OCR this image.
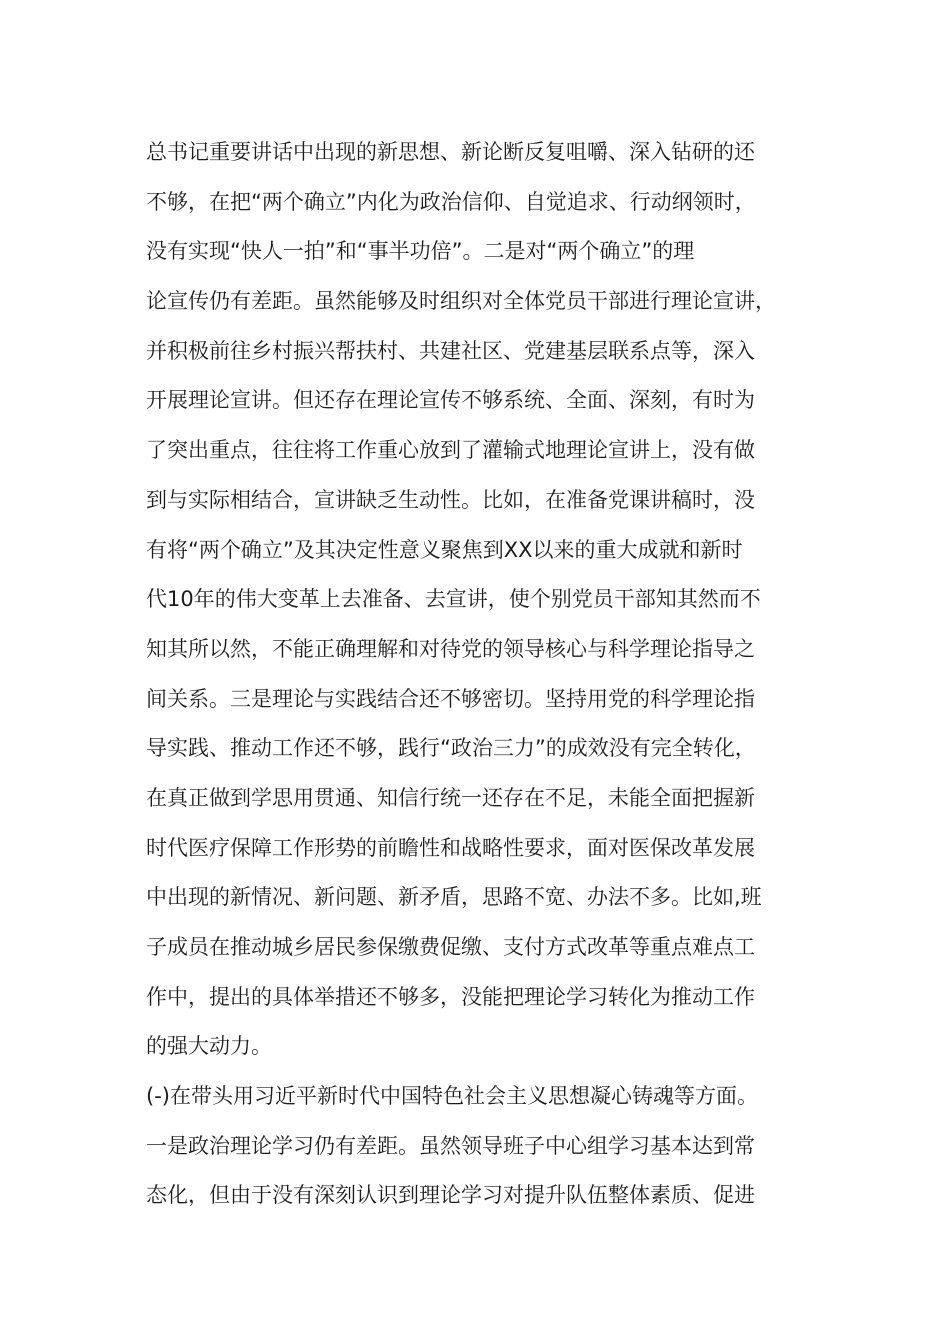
总书记重要讲话中出现的新思想、新论断反复咀嚼、深入钻研的还
不够，在把“两个确立”内化为政治信仰、自觉追求、行动纲领时，
没有实现“快人一拍”和“事半功倍”。二是对“两个确立”的理
论宣传仍有差距。虽然能够及时组织对全体党员干部进行理论宣讲，
并积极前往乡村振兴帮扶村、共建社区、党建基层联系点等，深入
开展理论宣讲。但还存在理论宣传不够系统、全面、深刻，有时为
了突出重点，往往将工作重心放到了灌输式地理论宣讲上，没有做
到与实际相结合，宣讲缺乏生动性。比如，在准备党课讲稿时，没
有将“两个确立”及其决定性意义聚焦到XX以来的重大成就和新时
代10年的伟大变革上去准备、去宣讲，使个别党员干部知其然而不
知其所以然，不能正确理解和对待党的领导核心与科学理论指导之
间关系。三是理论与实践结合还不够密切。坚持用党的科学理论指
导实践、推动工作还不够，践行“政治三力”的成效没有完全转化，
在真正做到学思用贯通、知信行统一还存在不足，未能全面把握新
时代医疗保障工作形势的前瞻性和战略性要求，面对医保改革发展
中出现的新情况、新问题、新矛盾，思路不宽、办法不多。比如,班
子成员在推动城乡居民参保缴费促缴、支付方式改革等重点难点工
作中，提出的具体举措还不够多，没能把理论学习转化为推动工作
的强大动力。
(-)在带头用习近平新时代中国特色社会主义思想凝心铸魂等方面。
一是政治理论学习仍有差距。虽然领导班子中心组学习基本达到常
态化，但由于没有深刻认识到理论学习对提升队伍整体素质、促进
